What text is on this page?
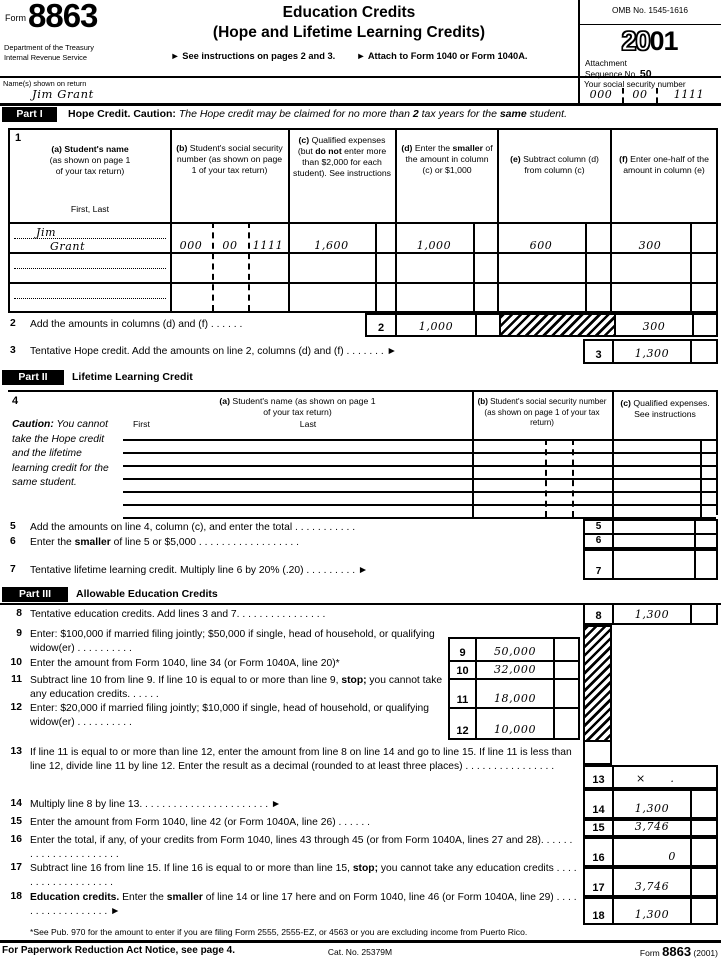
Form 8863
Department of the Treasury
Internal Revenue Service
Education Credits
(Hope and Lifetime Learning Credits)
► See instructions on pages 2 and 3. ► Attach to Form 1040 or Form 1040A.
OMB No. 1545-1616
2001
Attachment
Sequence No. 50
Name(s) shown on return
Jim Grant
Your social security number
000	00	1111
Part I	Hope Credit. Caution: The Hope credit may be claimed for no more than 2 tax years for the same student.
1
(a) Student's name
(as shown on page 1
of your tax return)
First, Last
(b) Student's social security number (as shown on page 1 of your tax return)
(c) Qualified expenses (but do not enter more than $2,000 for each student). See instructions
(d) Enter the smaller of the amount in column (c) or $1,000
(e) Subtract column (d) from column (c)
(f) Enter one-half of the amount in column (e)
Jim
Grant	000	00	1111	1,600	1,000	600	300
2 Add the amounts in columns (d) and (f) . . . . . .	2	1,000	300
3 Tentative Hope credit. Add the amounts on line 2, columns (d) and (f) . . . . . . . ►	3	1,300
Part II	Lifetime Learning Credit
4
Caution: You cannot take the Hope credit and the lifetime learning credit for the same student.
(a) Student's name (as shown on page 1
of your tax return)
First	Last
(b) Student's social security number (as shown on page 1 of your tax return)
(c) Qualified expenses. See instructions
5 Add the amounts on line 4, column (c), and enter the total . . . . . . . . . . .	5
6 Enter the smaller of line 5 or $5,000 . . . . . . . . . . . . . . . . . .	6
7 Tentative lifetime learning credit. Multiply line 6 by 20% (.20) . . . . . . . . . ►	7
Part III	Allowable Education Credits
8 Tentative education credits. Add lines 3 and 7. . . . . . . . . . . . . . . .	8	1,300
9 Enter: $100,000 if married filing jointly; $50,000 if single, head of household, or qualifying widow(er) . . . . . . . . . .
10 Enter the amount from Form 1040, line 34 (or Form 1040A, line 20)*
11 Subtract line 10 from line 9. If line 10 is equal to or more than line 9, stop; you cannot take any education credits. . . . . .
12 Enter: $20,000 if married filing jointly; $10,000 if single, head of household, or qualifying widow(er) . . . . . . . . . .
9	50,000
10	32,000
11	18,000
12	10,000
13 If line 11 is equal to or more than line 12, enter the amount from line 8 on line 14 and go to line 15. If line 11 is less than line 12, divide line 11 by line 12. Enter the result as a decimal (rounded to at least three places) . . . . . . . . . . . . . . . .
13	×      .
14 Multiply line 8 by line 13. . . . . . . . . . . . . . . . . . . . . . . ►
15 Enter the amount from Form 1040, line 42 (or Form 1040A, line 26) . . . . . .
16 Enter the total, if any, of your credits from Form 1040, lines 43 through 45 (or from Form 1040A, lines 27 and 28). . . . . . . . . . . . . . . . . . . . . .
17 Subtract line 16 from line 15. If line 16 is equal to or more than line 15, stop; you cannot take any education credits . . . . . . . . . . . . . . . . . . .
18 Education credits. Enter the smaller of line 14 or line 17 here and on Form 1040, line 46 (or Form 1040A, line 29) . . . . . . . . . . . . . . . . . . ►
14	1,300
15	3,746
16	0
17	3,746
18	1,300
*See Pub. 970 for the amount to enter if you are filing Form 2555, 2555-EZ, or 4563 or you are excluding income from Puerto Rico.
For Paperwork Reduction Act Notice, see page 4.	Cat. No. 25379M	Form 8863 (2001)
